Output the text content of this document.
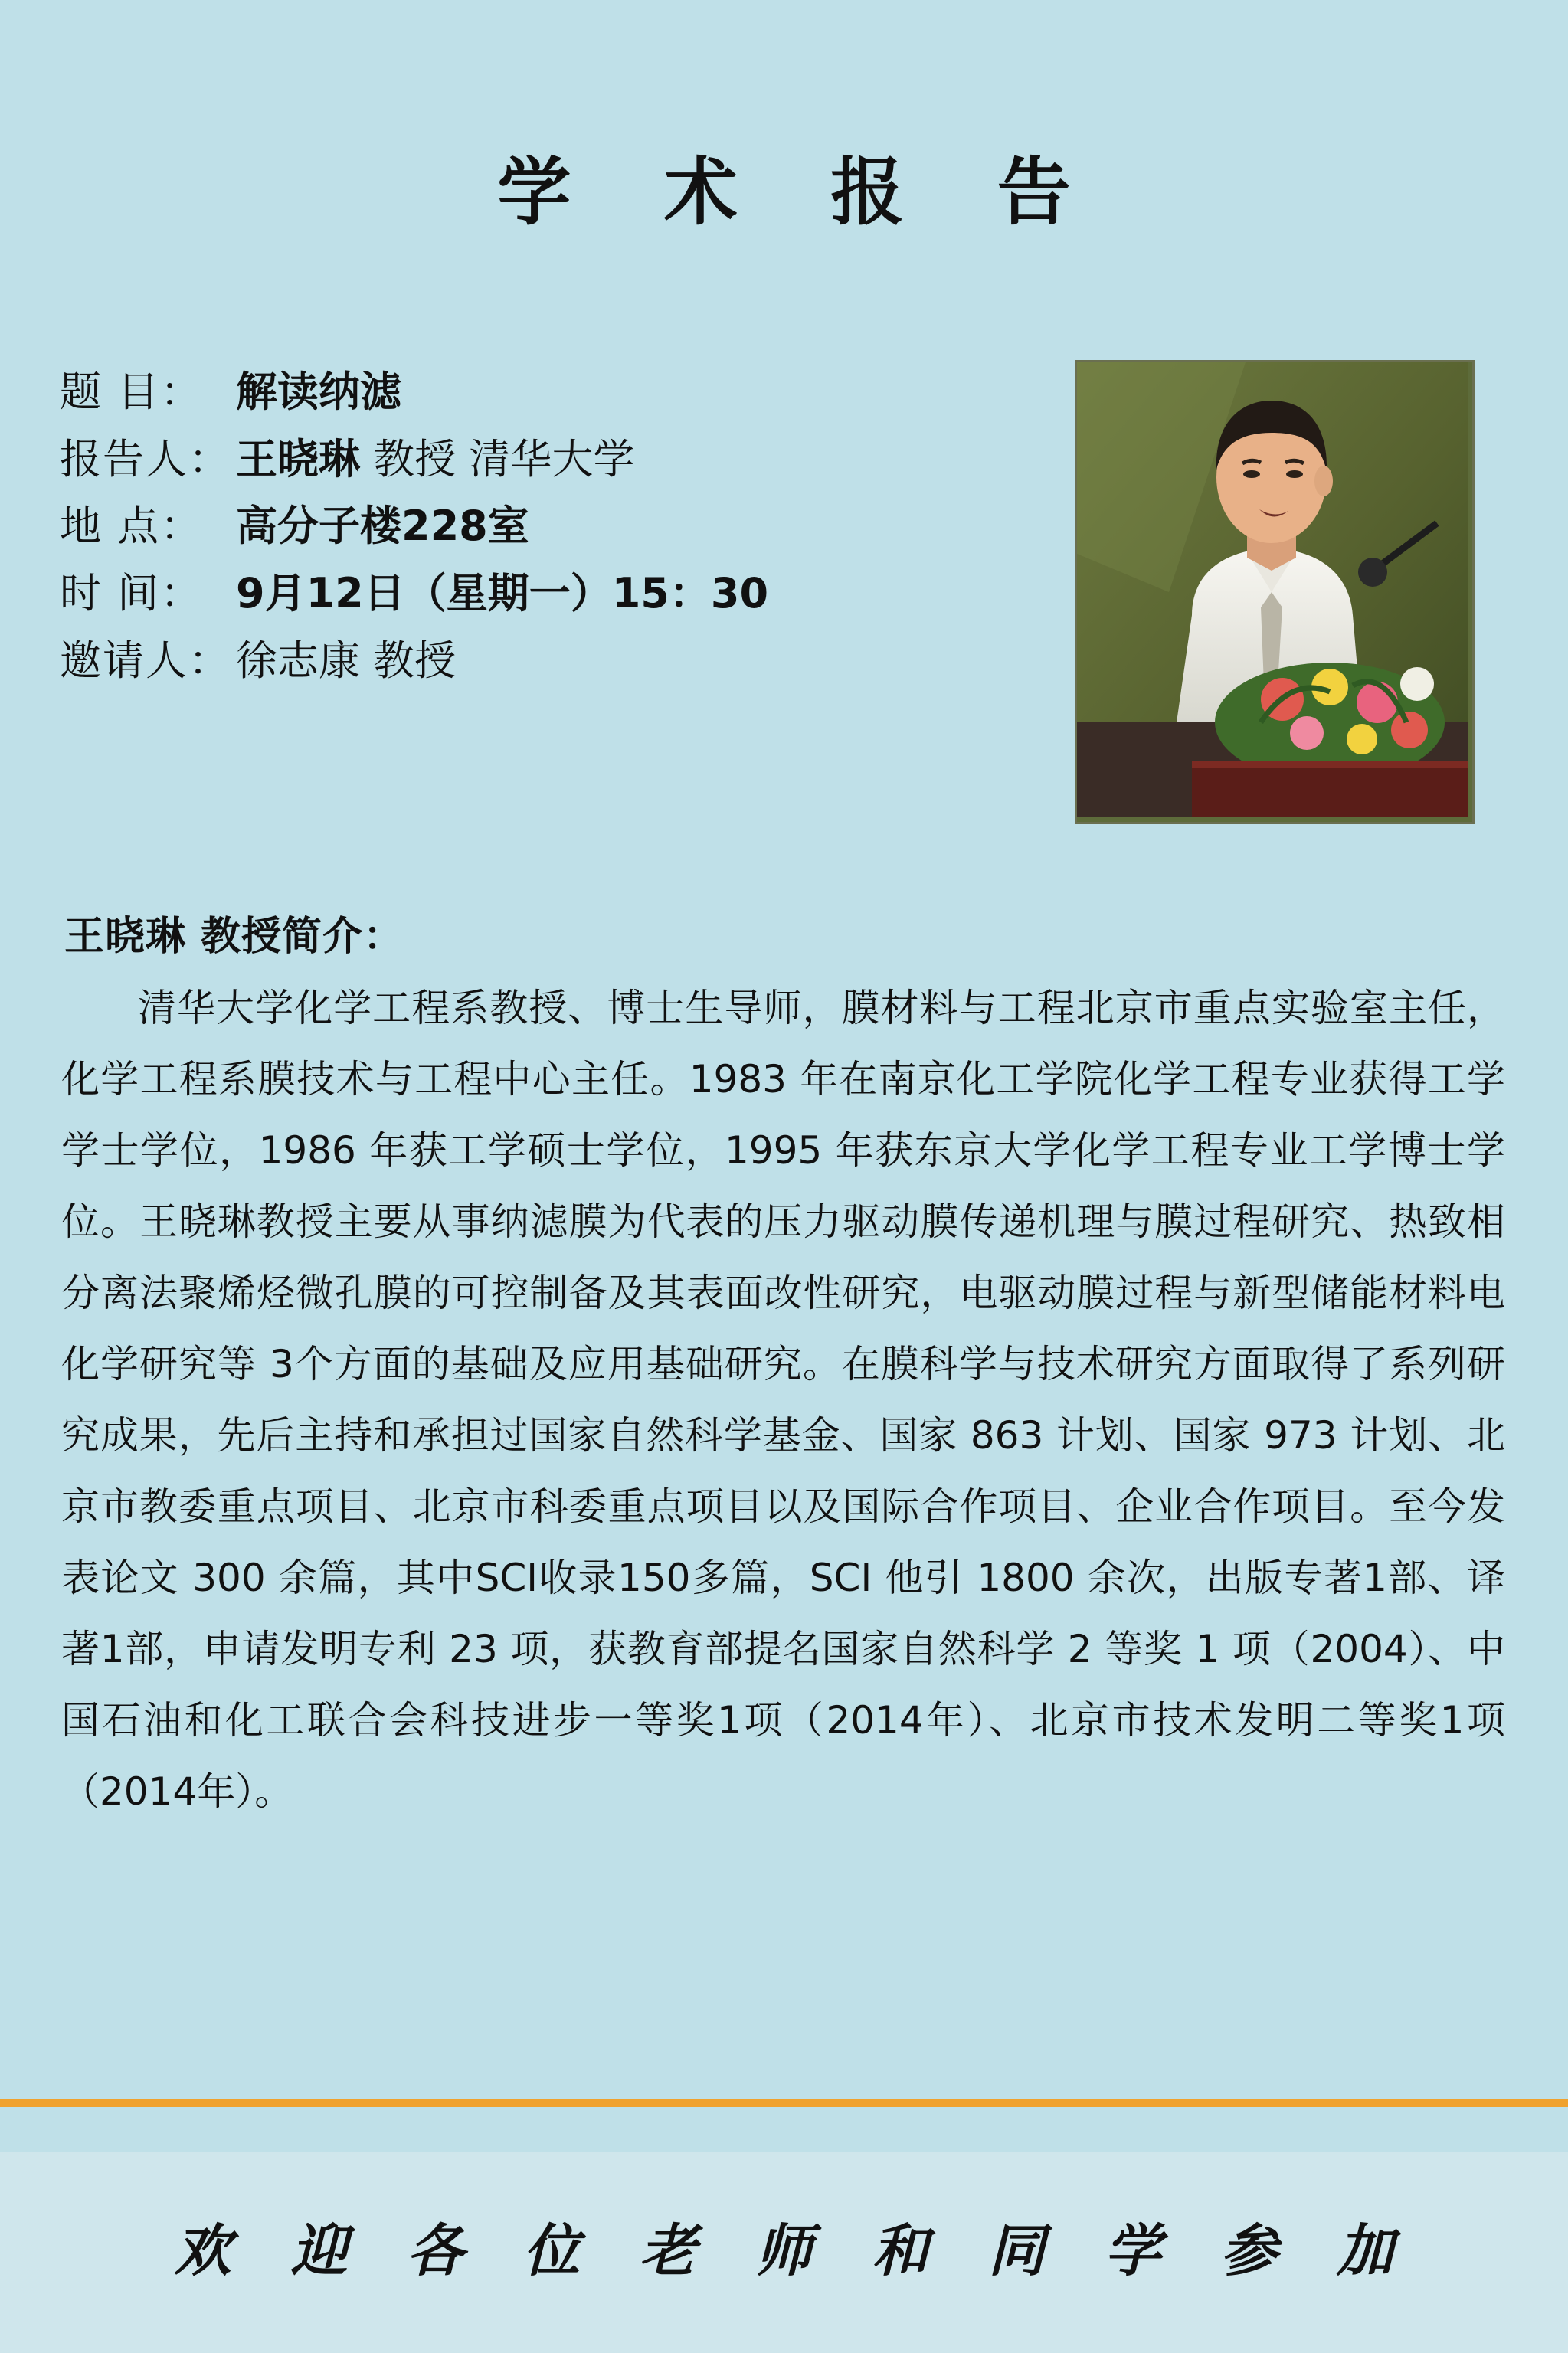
学 术 报 告
题 目： 解读纳滤
报告人： 王晓琳 教授 清华大学
地 点： 高分子楼228室
时 间： 9月12日（星期一）15：30
邀请人： 徐志康 教授
王晓琳 教授简介：
清华大学化学工程系教授、博士生导师，膜材料与工程北京市重点实验室主任，化学工程系膜技术与工程中心主任。1983 年在南京化工学院化学工程专业获得工学学士学位，1986 年获工学硕士学位，1995 年获东京大学化学工程专业工学博士学位。王晓琳教授主要从事纳滤膜为代表的压力驱动膜传递机理与膜过程研究、热致相分离法聚烯烃微孔膜的可控制备及其表面改性研究，电驱动膜过程与新型储能材料电化学研究等 3个方面的基础及应用基础研究。在膜科学与技术研究方面取得了系列研究成果，先后主持和承担过国家自然科学基金、国家 863 计划、国家 973 计划、北京市教委重点项目、北京市科委重点项目以及国际合作项目、企业合作项目。至今发表论文 300 余篇，其中SCI收录150多篇，SCI 他引 1800 余次，出版专著1部、译著1部，申请发明专利 23 项，获教育部提名国家自然科学 2 等奖 1 项（2004）、中国石油和化工联合会科技进步一等奖1项（2014年）、北京市技术发明二等奖1项（2014年）。
欢 迎 各 位 老 师 和 同 学 参 加
